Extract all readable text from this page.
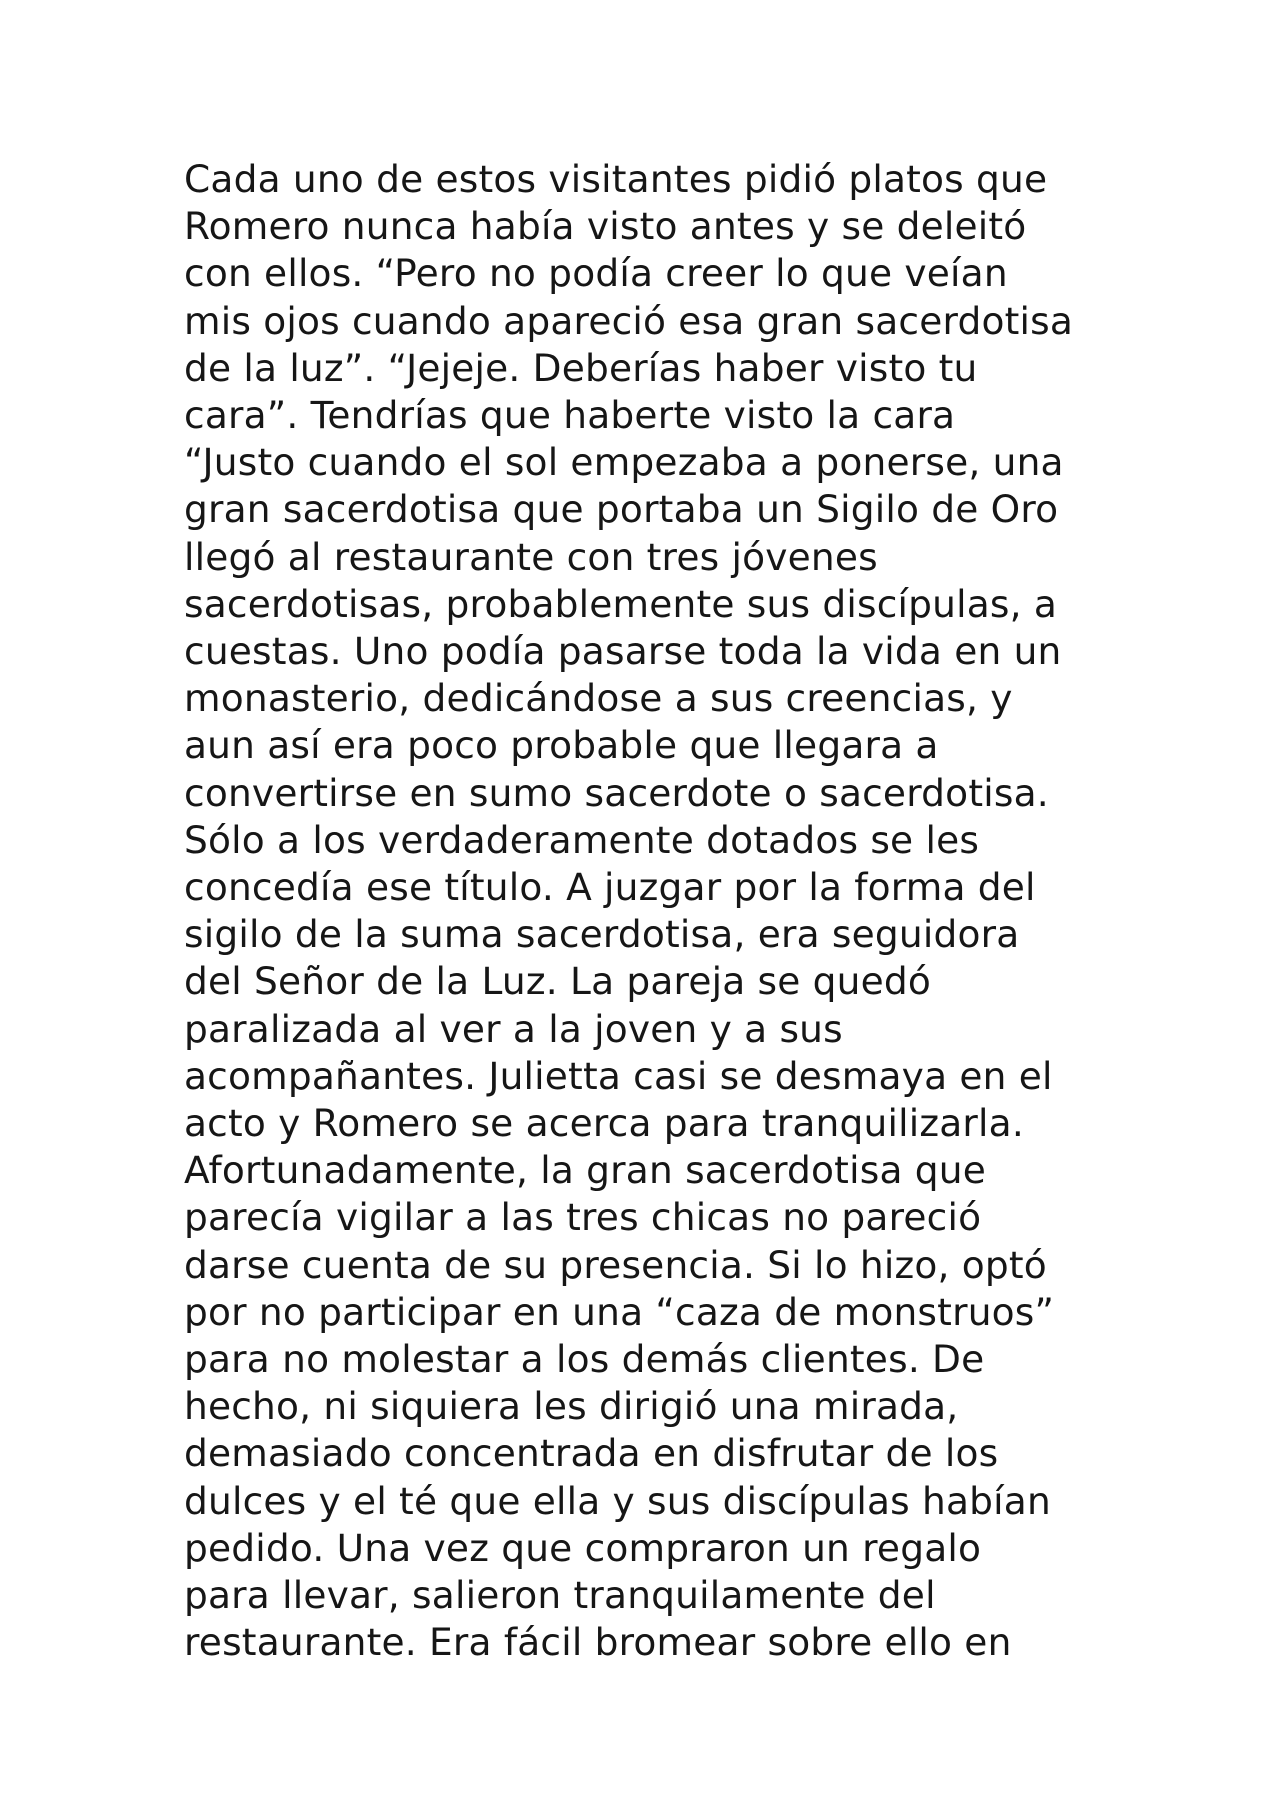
Cada uno de estos visitantes pidió platos que
Romero nunca había visto antes y se deleitó
con ellos. “Pero no podía creer lo que veían
mis ojos cuando apareció esa gran sacerdotisa
de la luz”. “Jejeje. Deberías haber visto tu
cara”. Tendrías que haberte visto la cara
“Justo cuando el sol empezaba a ponerse, una
gran sacerdotisa que portaba un Sigilo de Oro
llegó al restaurante con tres jóvenes
sacerdotisas, probablemente sus discípulas, a
cuestas. Uno podía pasarse toda la vida en un
monasterio, dedicándose a sus creencias, y
aun así era poco probable que llegara a
convertirse en sumo sacerdote o sacerdotisa.
Sólo a los verdaderamente dotados se les
concedía ese título. A juzgar por la forma del
sigilo de la suma sacerdotisa, era seguidora
del Señor de la Luz. La pareja se quedó
paralizada al ver a la joven y a sus
acompañantes. Julietta casi se desmaya en el
acto y Romero se acerca para tranquilizarla.
Afortunadamente, la gran sacerdotisa que
parecía vigilar a las tres chicas no pareció
darse cuenta de su presencia. Si lo hizo, optó
por no participar en una “caza de monstruos”
para no molestar a los demás clientes. De
hecho, ni siquiera les dirigió una mirada,
demasiado concentrada en disfrutar de los
dulces y el té que ella y sus discípulas habían
pedido. Una vez que compraron un regalo
para llevar, salieron tranquilamente del
restaurante. Era fácil bromear sobre ello en
